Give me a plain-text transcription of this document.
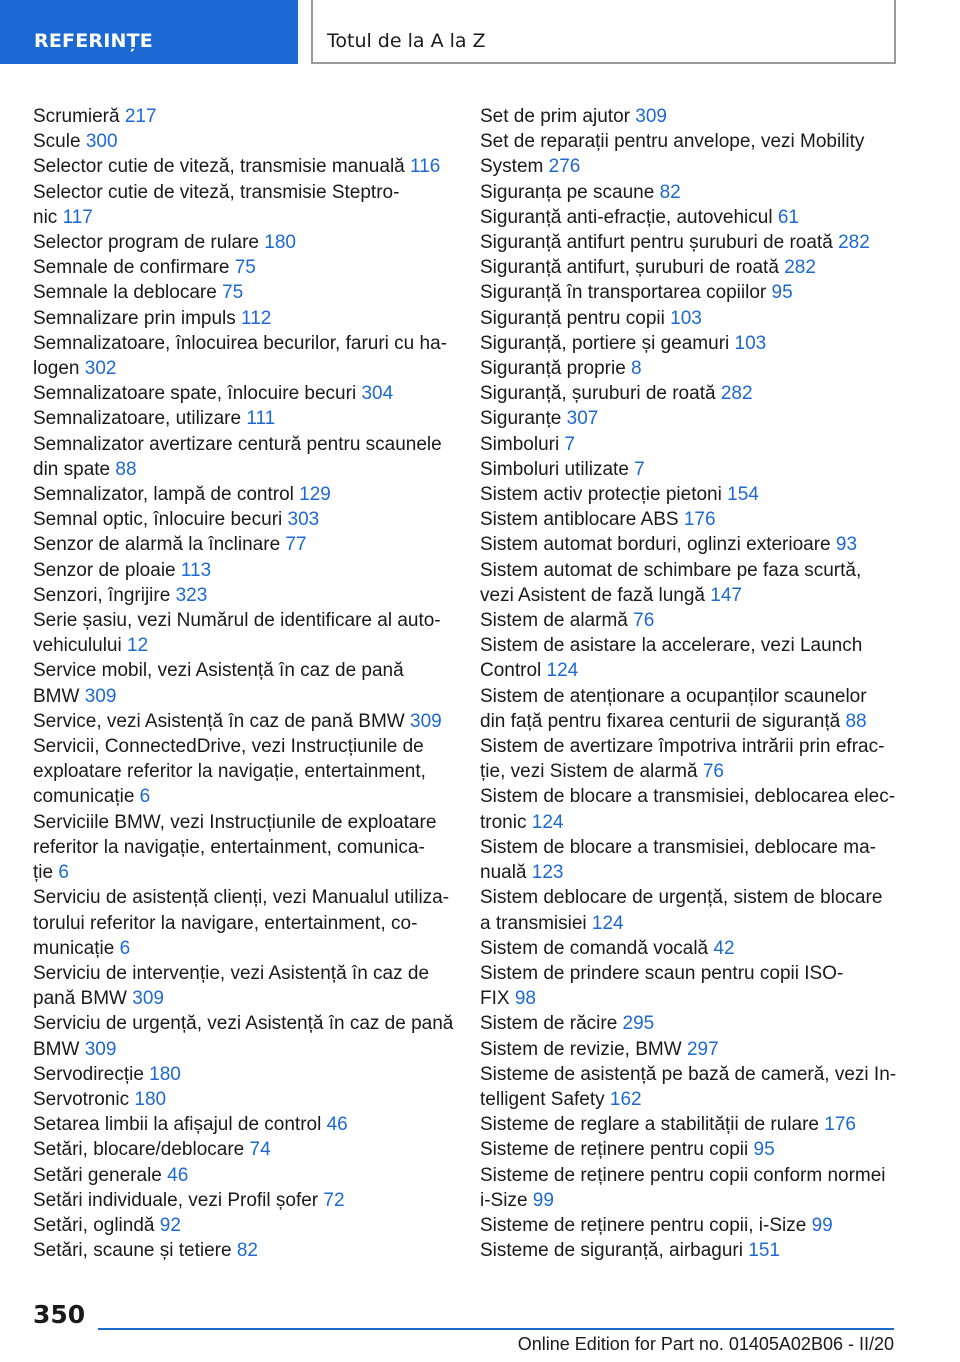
REFERINȚE	Totul de la A la Z
Scrumieră 217
Scule 300
Selector cutie de viteză, transmisie manuală 116
Selector cutie de viteză, transmisie Steptro-
nic 117
Selector program de rulare 180
Semnale de confirmare 75
Semnale la deblocare 75
Semnalizare prin impuls 112
Semnalizatoare, înlocuirea becurilor, faruri cu ha-
logen 302
Semnalizatoare spate, înlocuire becuri 304
Semnalizatoare, utilizare 111
Semnalizator avertizare centură pentru scaunele
din spate 88
Semnalizator, lampă de control 129
Semnal optic, înlocuire becuri 303
Senzor de alarmă la înclinare 77
Senzor de ploaie 113
Senzori, îngrijire 323
Serie șasiu, vezi Numărul de identificare al auto-
vehiculului 12
Service mobil, vezi Asistență în caz de pană
BMW 309
Service, vezi Asistență în caz de pană BMW 309
Servicii, ConnectedDrive, vezi Instrucțiunile de
exploatare referitor la navigație, entertainment,
comunicație 6
Serviciile BMW, vezi Instrucțiunile de exploatare
referitor la navigație, entertainment, comunica-
ție 6
Serviciu de asistență clienți, vezi Manualul utiliza-
torului referitor la navigare, entertainment, co-
municație 6
Serviciu de intervenție, vezi Asistență în caz de
pană BMW 309
Serviciu de urgență, vezi Asistență în caz de pană
BMW 309
Servodirecție 180
Servotronic 180
Setarea limbii la afișajul de control 46
Setări, blocare/deblocare 74
Setări generale 46
Setări individuale, vezi Profil șofer 72
Setări, oglindă 92
Setări, scaune și tetiere 82
Set de prim ajutor 309
Set de reparații pentru anvelope, vezi Mobility
System 276
Siguranța pe scaune 82
Siguranță anti-efracție, autovehicul 61
Siguranță antifurt pentru șuruburi de roată 282
Siguranță antifurt, șuruburi de roată 282
Siguranță în transportarea copiilor 95
Siguranță pentru copii 103
Siguranță, portiere și geamuri 103
Siguranță proprie 8
Siguranță, șuruburi de roată 282
Siguranțe 307
Simboluri 7
Simboluri utilizate 7
Sistem activ protecție pietoni 154
Sistem antiblocare ABS 176
Sistem automat borduri, oglinzi exterioare 93
Sistem automat de schimbare pe faza scurtă,
vezi Asistent de fază lungă 147
Sistem de alarmă 76
Sistem de asistare la accelerare, vezi Launch
Control 124
Sistem de atenționare a ocupanților scaunelor
din față pentru fixarea centurii de siguranță 88
Sistem de avertizare împotriva intrării prin efrac-
ție, vezi Sistem de alarmă 76
Sistem de blocare a transmisiei, deblocarea elec-
tronic 124
Sistem de blocare a transmisiei, deblocare ma-
nuală 123
Sistem deblocare de urgență, sistem de blocare
a transmisiei 124
Sistem de comandă vocală 42
Sistem de prindere scaun pentru copii ISO-
FIX 98
Sistem de răcire 295
Sistem de revizie, BMW 297
Sisteme de asistență pe bază de cameră, vezi In-
telligent Safety 162
Sisteme de reglare a stabilității de rulare 176
Sisteme de reținere pentru copii 95
Sisteme de reținere pentru copii conform normei
i-Size 99
Sisteme de reținere pentru copii, i-Size 99
Sisteme de siguranță, airbaguri 151
350
Online Edition for Part no. 01405A02B06 - II/20
